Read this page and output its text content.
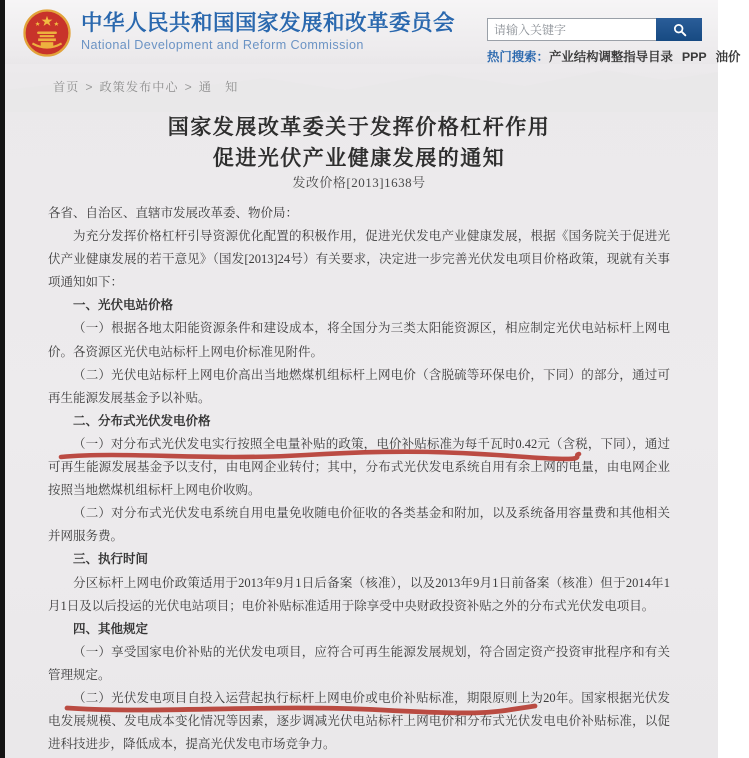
中华人民共和国国家发展和改革委员会
National Development and Reform Commission
请输入关键字
热门搜索：产业结构调整指导目录 PPP 油价
首页 > 政策发布中心 > 通　知
国家发展改革委关于发挥价格杠杆作用
促进光伏产业健康发展的通知
发改价格[2013]1638号

各省、自治区、直辖市发展改革委、物价局：

为充分发挥价格杠杆引导资源优化配置的积极作用，促进光伏发电产业健康发展，根据《国务院关于促进光伏产业健康发展的若干意见》（国发[2013]24号）有关要求，决定进一步完善光伏发电项目价格政策，现就有关事项通知如下：

一、光伏电站价格

（一）根据各地太阳能资源条件和建设成本，将全国分为三类太阳能资源区，相应制定光伏电站标杆上网电价。各资源区光伏电站标杆上网电价标准见附件。

（二）光伏电站标杆上网电价高出当地燃煤机组标杆上网电价（含脱硫等环保电价，下同）的部分，通过可再生能源发展基金予以补贴。

二、分布式光伏发电价格

（一）对分布式光伏发电实行按照全电量补贴的政策，电价补贴标准为每千瓦时0.42元（含税，下同），通过可再生能源发展基金予以支付，由电网企业转付；其中，分布式光伏发电系统自用有余上网的电量，由电网企业按照当地燃煤机组标杆上网电价收购。

（二）对分布式光伏发电系统自用电量免收随电价征收的各类基金和附加，以及系统备用容量费和其他相关并网服务费。

三、执行时间

分区标杆上网电价政策适用于2013年9月1日后备案（核准），以及2013年9月1日前备案（核准）但于2014年1月1日及以后投运的光伏电站项目；电价补贴标准适用于除享受中央财政投资补贴之外的分布式光伏发电项目。

四、其他规定

（一）享受国家电价补贴的光伏发电项目，应符合可再生能源发展规划，符合固定资产投资审批程序和有关管理规定。

（二）光伏发电项目自投入运营起执行标杆上网电价或电价补贴标准，期限原则上为20年。国家根据光伏发电发展规模、发电成本变化情况等因素，逐步调减光伏电站标杆上网电价和分布式光伏发电电价补贴标准，以促进科技进步，降低成本，提高光伏发电市场竞争力。
